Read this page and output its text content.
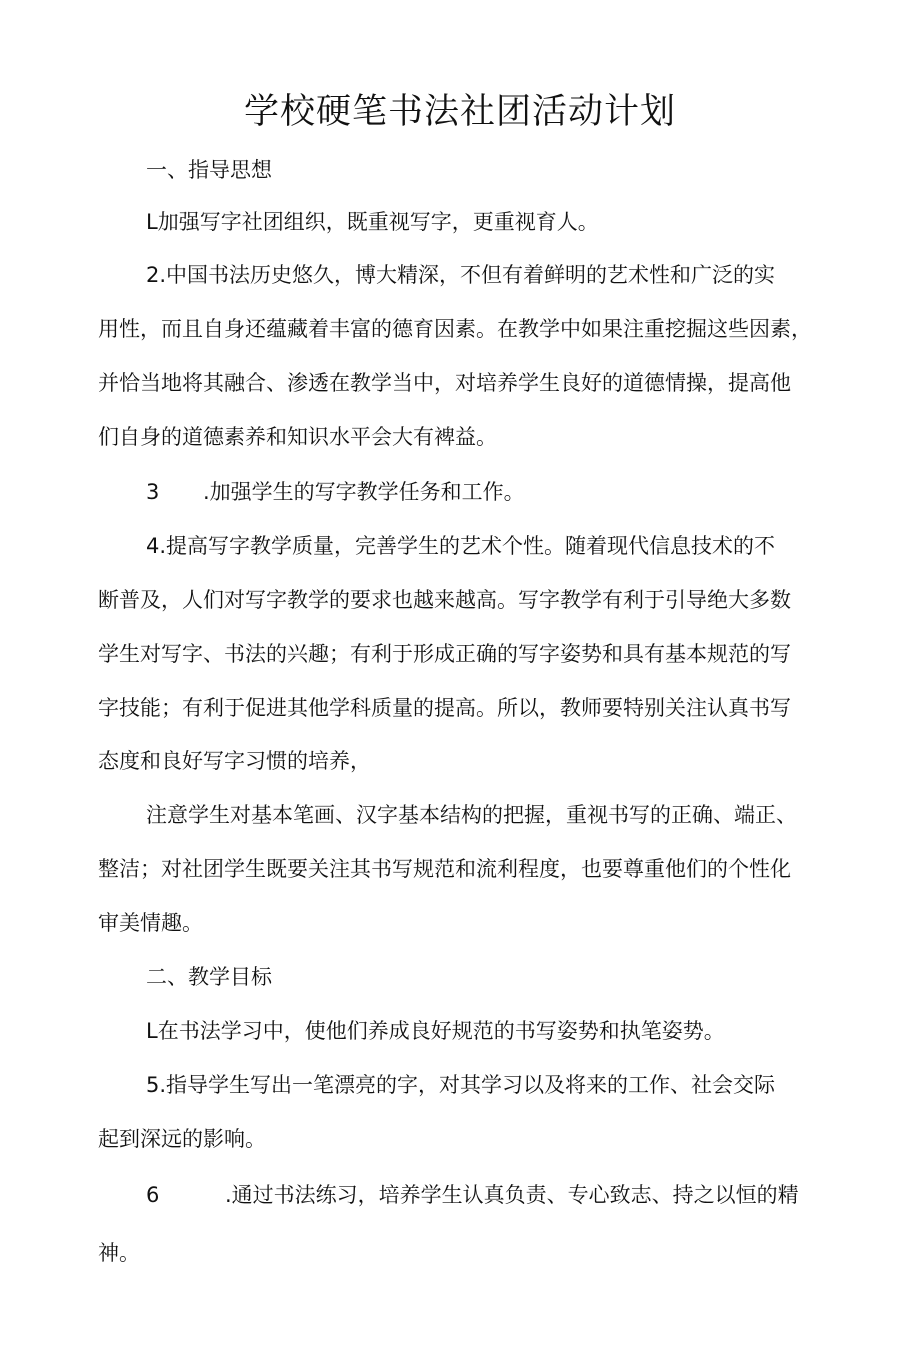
学校硬笔书法社团活动计划
一、指导思想
L加强写字社团组织，既重视写字，更重视育人。
2.中国书法历史悠久，博大精深，不但有着鲜明的艺术性和广泛的实
用性，而且自身还蕴藏着丰富的德育因素。在教学中如果注重挖掘这些因素，
并恰当地将其融合、渗透在教学当中，对培养学生良好的道德情操，提高他
们自身的道德素养和知识水平会大有裨益。
3 .加强学生的写字教学任务和工作。
4.提高写字教学质量，完善学生的艺术个性。随着现代信息技术的不
断普及，人们对写字教学的要求也越来越高。写字教学有利于引导绝大多数
学生对写字、书法的兴趣；有利于形成正确的写字姿势和具有基本规范的写
字技能；有利于促进其他学科质量的提高。所以，教师要特别关注认真书写
态度和良好写字习惯的培养，
注意学生对基本笔画、汉字基本结构的把握，重视书写的正确、端正、
整洁；对社团学生既要关注其书写规范和流利程度，也要尊重他们的个性化
审美情趣。
二、教学目标
L在书法学习中，使他们养成良好规范的书写姿势和执笔姿势。
5.指导学生写出一笔漂亮的字，对其学习以及将来的工作、社会交际
起到深远的影响。
6	.通过书法练习，培养学生认真负责、专心致志、持之以恒的精
神。
